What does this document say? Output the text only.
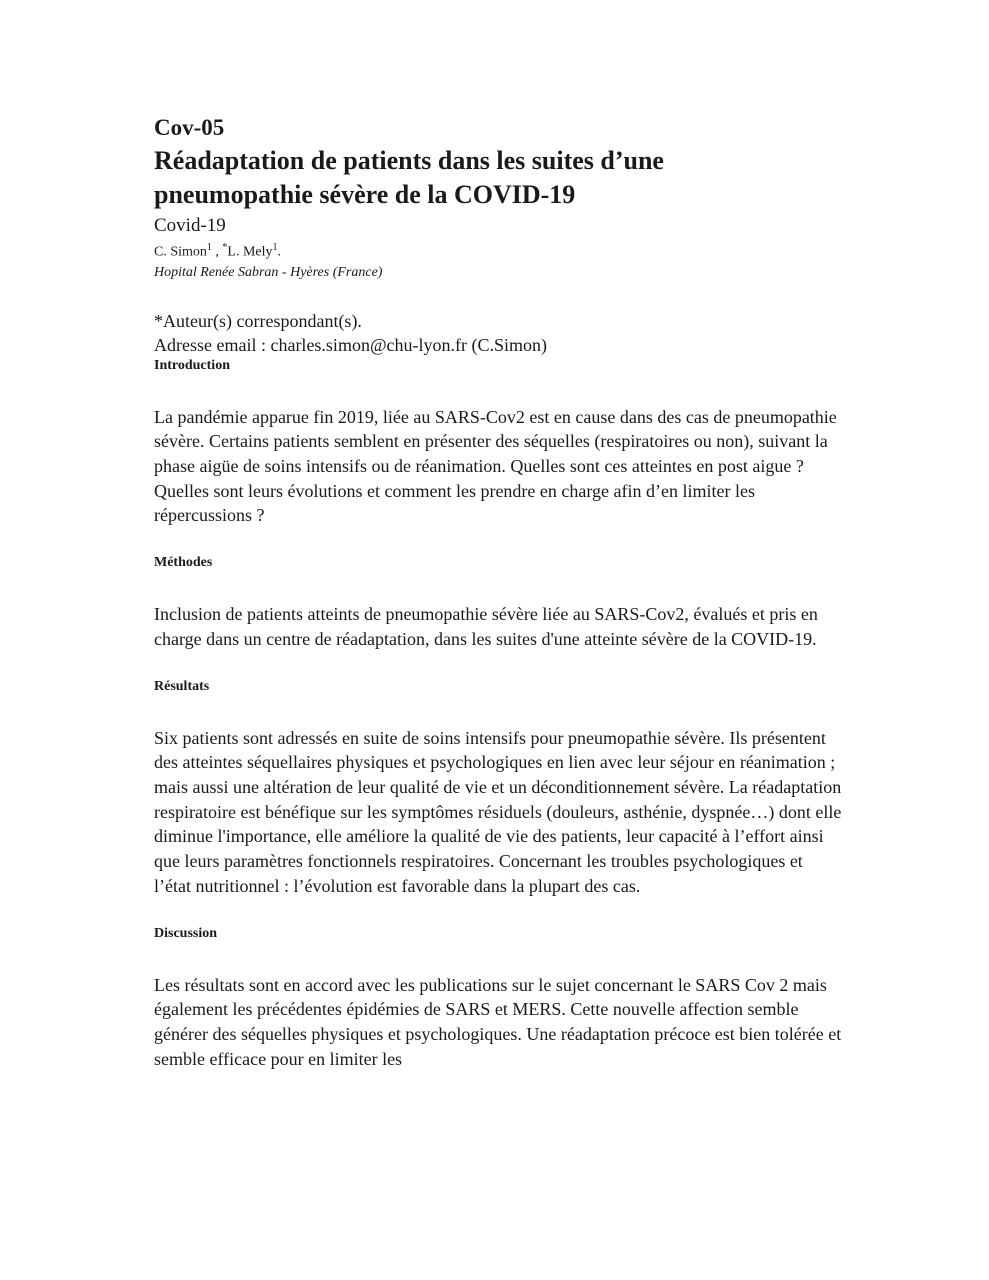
Cov-05
Réadaptation de patients dans les suites d’une
pneumopathie sévère de la COVID-19
Covid-19
C. Simon$^1$ , *L. Mely$^1$.
Hopital Renée Sabran - Hyères (France)
*Auteur(s) correspondant(s).
Adresse email : charles.simon@chu-lyon.fr (C.Simon)

Introduction

La pandémie apparue fin 2019, liée au SARS-Cov2 est en cause dans des cas de pneumopathie sévère. Certains patients semblent en présenter des séquelles (respiratoires ou non), suivant la phase aigüe de soins intensifs ou de réanimation. Quelles sont ces atteintes en post aigue ? Quelles sont leurs évolutions et comment les prendre en charge afin d’en limiter les répercussions ?

Méthodes

Inclusion de patients atteints de pneumopathie sévère liée au SARS-Cov2, évalués et pris en charge dans un centre de réadaptation, dans les suites d'une atteinte sévère de la COVID-19.

Résultats

Six patients sont adressés en suite de soins intensifs pour pneumopathie sévère. Ils présentent des atteintes séquellaires physiques et psychologiques en lien avec leur séjour en réanimation ; mais aussi une altération de leur qualité de vie et un déconditionnement sévère. La réadaptation respiratoire est bénéfique sur les symptômes résiduels (douleurs, asthénie, dyspnée…) dont elle diminue l'importance, elle améliore la qualité de vie des patients, leur capacité à l’effort ainsi que leurs paramètres fonctionnels respiratoires. Concernant les troubles psychologiques et l’état nutritionnel : l’évolution est favorable dans la plupart des cas.

Discussion

Les résultats sont en accord avec les publications sur le sujet concernant le SARS Cov 2 mais également les précédentes épidémies de SARS et MERS. Cette nouvelle affection semble générer des séquelles physiques et psychologiques. Une réadaptation précoce est bien tolérée et semble efficace pour en limiter les
